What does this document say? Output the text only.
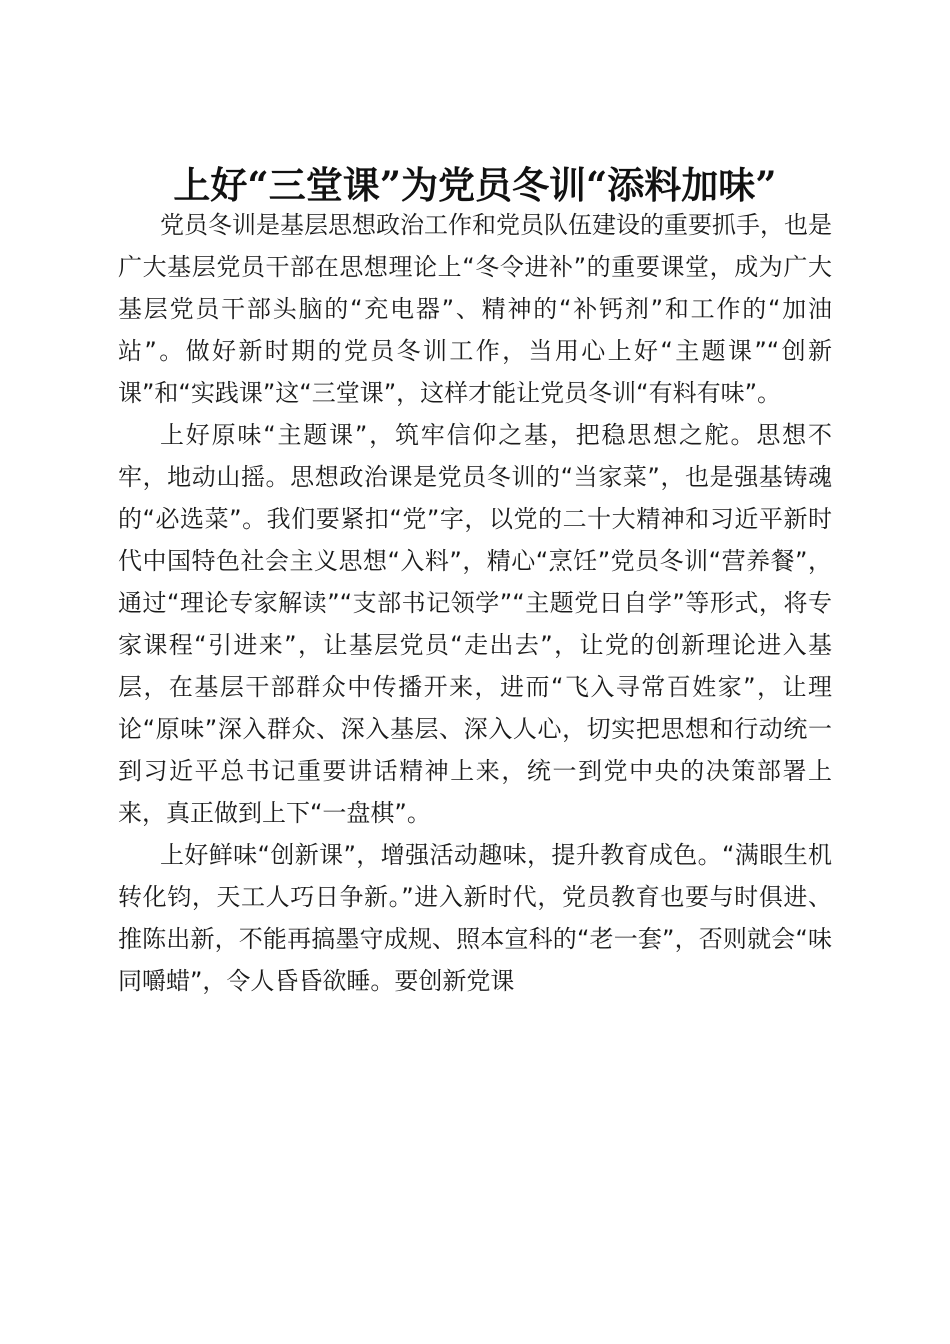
上好“三堂课”为党员冬训“添料加味”

党员冬训是基层思想政治工作和党员队伍建设的重要抓手，也是广大基层党员干部在思想理论上“冬令进补”的重要课堂，成为广大基层党员干部头脑的“充电器”、精神的“补钙剂”和工作的“加油站”。做好新时期的党员冬训工作，当用心上好“主题课”“创新课”和“实践课”这“三堂课”，这样才能让党员冬训“有料有味”。

上好原味“主题课”，筑牢信仰之基，把稳思想之舵。思想不牢，地动山摇。思想政治课是党员冬训的“当家菜”，也是强基铸魂的“必选菜”。我们要紧扣“党”字，以党的二十大精神和习近平新时代中国特色社会主义思想“入料”，精心“烹饪”党员冬训“营养餐”，通过“理论专家解读”“支部书记领学”“主题党日自学”等形式，将专家课程“引进来”，让基层党员“走出去”，让党的创新理论进入基层，在基层干部群众中传播开来，进而“飞入寻常百姓家”，让理论“原味”深入群众、深入基层、深入人心，切实把思想和行动统一到习近平总书记重要讲话精神上来，统一到党中央的决策部署上来，真正做到上下“一盘棋”。

上好鲜味“创新课”，增强活动趣味，提升教育成色。“满眼生机转化钧，天工人巧日争新。”进入新时代，党员教育也要与时俱进、推陈出新，不能再搞墨守成规、照本宣科的“老一套”，否则就会“味同嚼蜡”，令人昏昏欲睡。要创新党课
